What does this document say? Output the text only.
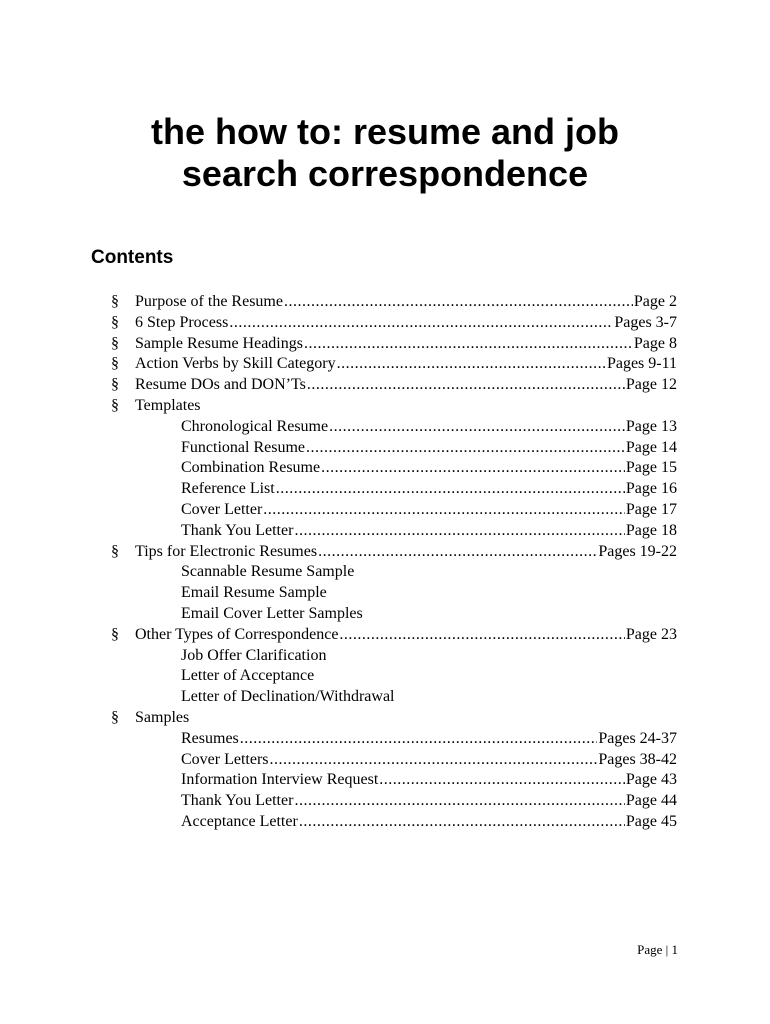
the how to: resume and job
search correspondence
Contents
§ Purpose of the Resume .....	Page 2
§ 6 Step Process .....	Pages 3-7
§ Sample Resume Headings .....	Page 8
§ Action Verbs by Skill Category .....	Pages 9-11
§ Resume DOs and DON’Ts .....	Page 12
§ Templates
Chronological Resume .....	Page 13
Functional Resume .....	Page 14
Combination Resume .....	Page 15
Reference List .....	Page 16
Cover Letter .....	Page 17
Thank You Letter .....	Page 18
§ Tips for Electronic Resumes .....	Pages 19-22
Scannable Resume Sample
Email Resume Sample
Email Cover Letter Samples
§ Other Types of Correspondence .....	Page 23
Job Offer Clarification
Letter of Acceptance
Letter of Declination/Withdrawal
§ Samples
Resumes .....	Pages 24-37
Cover Letters .....	Pages 38-42
Information Interview Request .....	Page 43
Thank You Letter .....	Page 44
Acceptance Letter .....	Page 45
Page | 1
